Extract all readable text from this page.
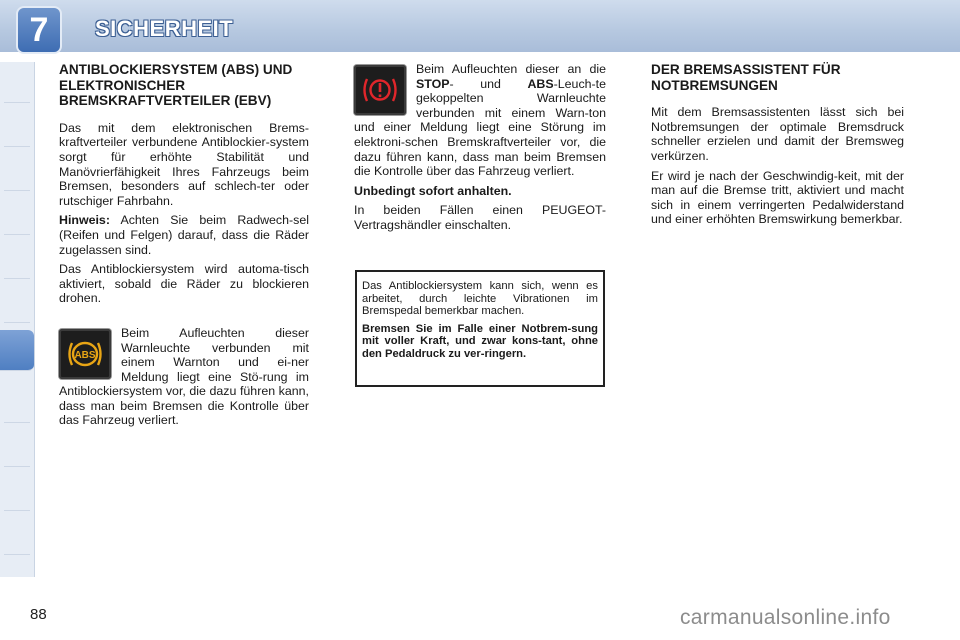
7	SICHERHEIT
ANTIBLOCKIERSYSTEM (ABS) UND ELEKTRONISCHER BREMSKRAFTVERTEILER (EBV)

Das mit dem elektronischen Brems-kraftverteiler verbundene Antiblockier-system sorgt für erhöhte Stabilität und Manövrierfähigkeit Ihres Fahrzeugs beim Bremsen, besonders auf schlech-ter oder rutschiger Fahrbahn.

Hinweis: Achten Sie beim Radwech-sel (Reifen und Felgen) darauf, dass die Räder zugelassen sind.

Das Antiblockiersystem wird automa-tisch aktiviert, sobald die Räder zu blockieren drohen.

ABS

Beim Aufleuchten dieser Warnleuchte verbunden mit einem Warnton und ei-ner Meldung liegt eine Stö-rung im Antiblockiersystem vor, die dazu führen kann, dass man beim Bremsen die Kontrolle über das Fahrzeug verliert.

Beim Aufleuchten dieser an die STOP- und ABS-Leuch-te gekoppelten Warnleuchte verbunden mit einem Warn-ton und einer Meldung liegt eine Störung im elektroni-schen Bremskraftverteiler vor, die dazu führen kann, dass man beim Bremsen die Kontrolle über das Fahrzeug verliert.

Unbedingt sofort anhalten.

In beiden Fällen einen PEUGEOT-Vertragshändler einschalten.

Das Antiblockiersystem kann sich, wenn es arbeitet, durch leichte Vibrationen im Bremspedal bemerkbar machen.

Bremsen Sie im Falle einer Notbrem-sung mit voller Kraft, und zwar kons-tant, ohne den Pedaldruck zu ver-ringern.

DER BREMSASSISTENT FÜR NOTBREMSUNGEN

Mit dem Bremsassistenten lässt sich bei Notbremsungen der optimale Bremsdruck schneller erzielen und damit der Bremsweg verkürzen.

Er wird je nach der Geschwindig-keit, mit der man auf die Bremse tritt, aktiviert und macht sich in einem verringerten Pedalwiderstand und einer erhöhten Bremswirkung bemerkbar.

88	carmanualsonline.info
